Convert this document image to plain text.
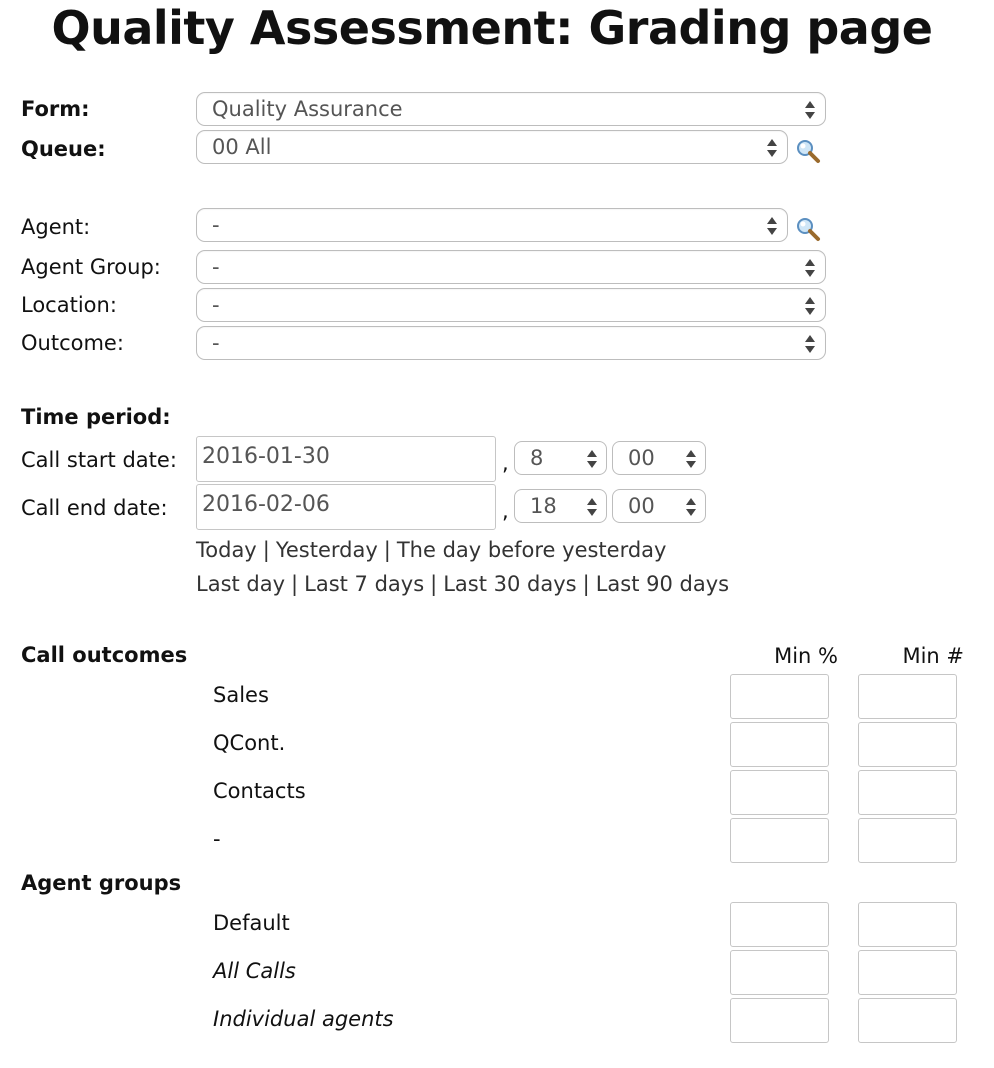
Quality Assessment: Grading page
Form:	Quality Assurance
Queue:	00 All
Agent:	-
Agent Group: -
Location:	-
Outcome:	-
Time period:
Call start date: 2016-01-30	, 8	00
Call end date: 2016-02-06	, 18	00
Today | Yesterday | The day before yesterday
Last day | Last 7 days | Last 30 days | Last 90 days
Call outcomes	Min %	Min #
Sales
QCont.
Contacts
-
Agent groups
Default
All Calls
Individual agents
